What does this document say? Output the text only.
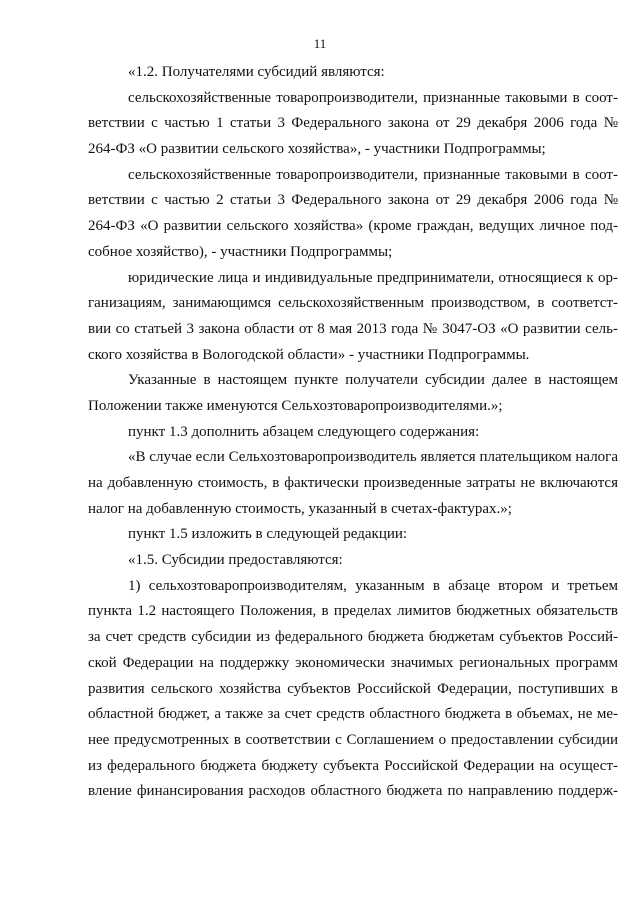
11
«1.2. Получателями субсидий являются:
сельскохозяйственные товаропроизводители, признанные таковыми в соот-
ветствии с частью 1 статьи 3 Федерального закона от 29 декабря 2006 года №
264-ФЗ «О развитии сельского хозяйства», - участники Подпрограммы;
сельскохозяйственные товаропроизводители, признанные таковыми в соот-
ветствии с частью 2 статьи 3 Федерального закона от 29 декабря 2006 года №
264-ФЗ «О развитии сельского хозяйства» (кроме граждан, ведущих личное под-
собное хозяйство), - участники Подпрограммы;
юридические лица и индивидуальные предприниматели, относящиеся к ор-
ганизациям, занимающимся сельскохозяйственным производством, в соответст-
вии со статьей 3 закона области от 8 мая 2013 года № 3047-ОЗ «О развитии сель-
ского хозяйства в Вологодской области» - участники Подпрограммы.
Указанные в настоящем пункте получатели субсидии далее в настоящем
Положении также именуются Сельхозтоваропроизводителями.»;
пункт 1.3 дополнить абзацем следующего содержания:
«В случае если Сельхозтоваропроизводитель является плательщиком налога
на добавленную стоимость, в фактически произведенные затраты не включаются
налог на добавленную стоимость, указанный в счетах-фактурах.»;
пункт 1.5 изложить в следующей редакции:
«1.5. Субсидии предоставляются:
1) сельхозтоваропроизводителям, указанным в абзаце втором и третьем
пункта 1.2 настоящего Положения, в пределах лимитов бюджетных обязательств
за счет средств субсидии из федерального бюджета бюджетам субъектов Россий-
ской Федерации на поддержку экономически значимых региональных программ
развития сельского хозяйства субъектов Российской Федерации, поступивших в
областной бюджет, а также за счет средств областного бюджета в объемах, не ме-
нее предусмотренных в соответствии с Соглашением о предоставлении субсидии
из федерального бюджета бюджету субъекта Российской Федерации на осущест-
вление финансирования расходов областного бюджета по направлению поддерж-
